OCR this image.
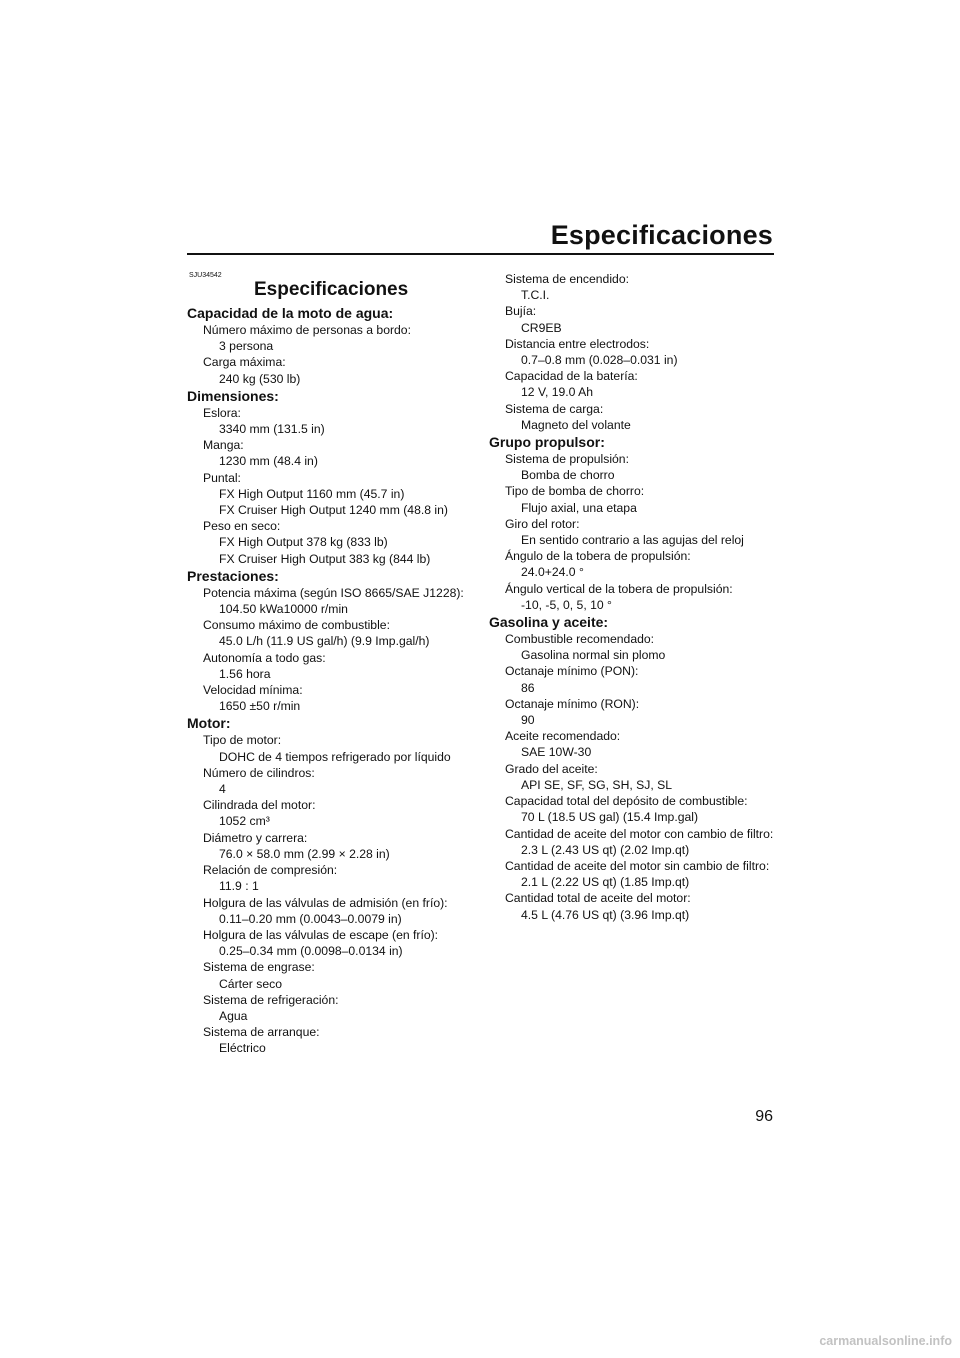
Especificaciones
SJU34542
Especificaciones
Capacidad de la moto de agua:
Número máximo de personas a bordo:
3 persona
Carga máxima:
240 kg (530 lb)
Dimensiones:
Eslora:
3340 mm (131.5 in)
Manga:
1230 mm (48.4 in)
Puntal:
FX High Output 1160 mm (45.7 in)
FX Cruiser High Output 1240 mm (48.8 in)
Peso en seco:
FX High Output 378 kg (833 lb)
FX Cruiser High Output 383 kg (844 lb)
Prestaciones:
Potencia máxima (según ISO 8665/SAE J1228):
104.50 kWa10000 r/min
Consumo máximo de combustible:
45.0 L/h (11.9 US gal/h) (9.9 Imp.gal/h)
Autonomía a todo gas:
1.56 hora
Velocidad mínima:
1650 ±50 r/min
Motor:
Tipo de motor:
DOHC de 4 tiempos refrigerado por líquido
Número de cilindros:
4
Cilindrada del motor:
1052 cm³
Diámetro y carrera:
76.0 × 58.0 mm (2.99 × 2.28 in)
Relación de compresión:
11.9 : 1
Holgura de las válvulas de admisión (en frío):
0.11–0.20 mm (0.0043–0.0079 in)
Holgura de las válvulas de escape (en frío):
0.25–0.34 mm (0.0098–0.0134 in)
Sistema de engrase:
Cárter seco
Sistema de refrigeración:
Agua
Sistema de arranque:
Eléctrico
Sistema de encendido:
T.C.I.
Bujía:
CR9EB
Distancia entre electrodos:
0.7–0.8 mm (0.028–0.031 in)
Capacidad de la batería:
12 V, 19.0 Ah
Sistema de carga:
Magneto del volante
Grupo propulsor:
Sistema de propulsión:
Bomba de chorro
Tipo de bomba de chorro:
Flujo axial, una etapa
Giro del rotor:
En sentido contrario a las agujas del reloj
Ángulo de la tobera de propulsión:
24.0+24.0 °
Ángulo vertical de la tobera de propulsión:
-10, -5, 0, 5, 10 °
Gasolina y aceite:
Combustible recomendado:
Gasolina normal sin plomo
Octanaje mínimo (PON):
86
Octanaje mínimo (RON):
90
Aceite recomendado:
SAE 10W-30
Grado del aceite:
API SE, SF, SG, SH, SJ, SL
Capacidad total del depósito de combustible:
70 L (18.5 US gal) (15.4 Imp.gal)
Cantidad de aceite del motor con cambio de filtro:
2.3 L (2.43 US qt) (2.02 Imp.qt)
Cantidad de aceite del motor sin cambio de filtro:
2.1 L (2.22 US qt) (1.85 Imp.qt)
Cantidad total de aceite del motor:
4.5 L (4.76 US qt) (3.96 Imp.qt)
96
carmanualsonline.info
